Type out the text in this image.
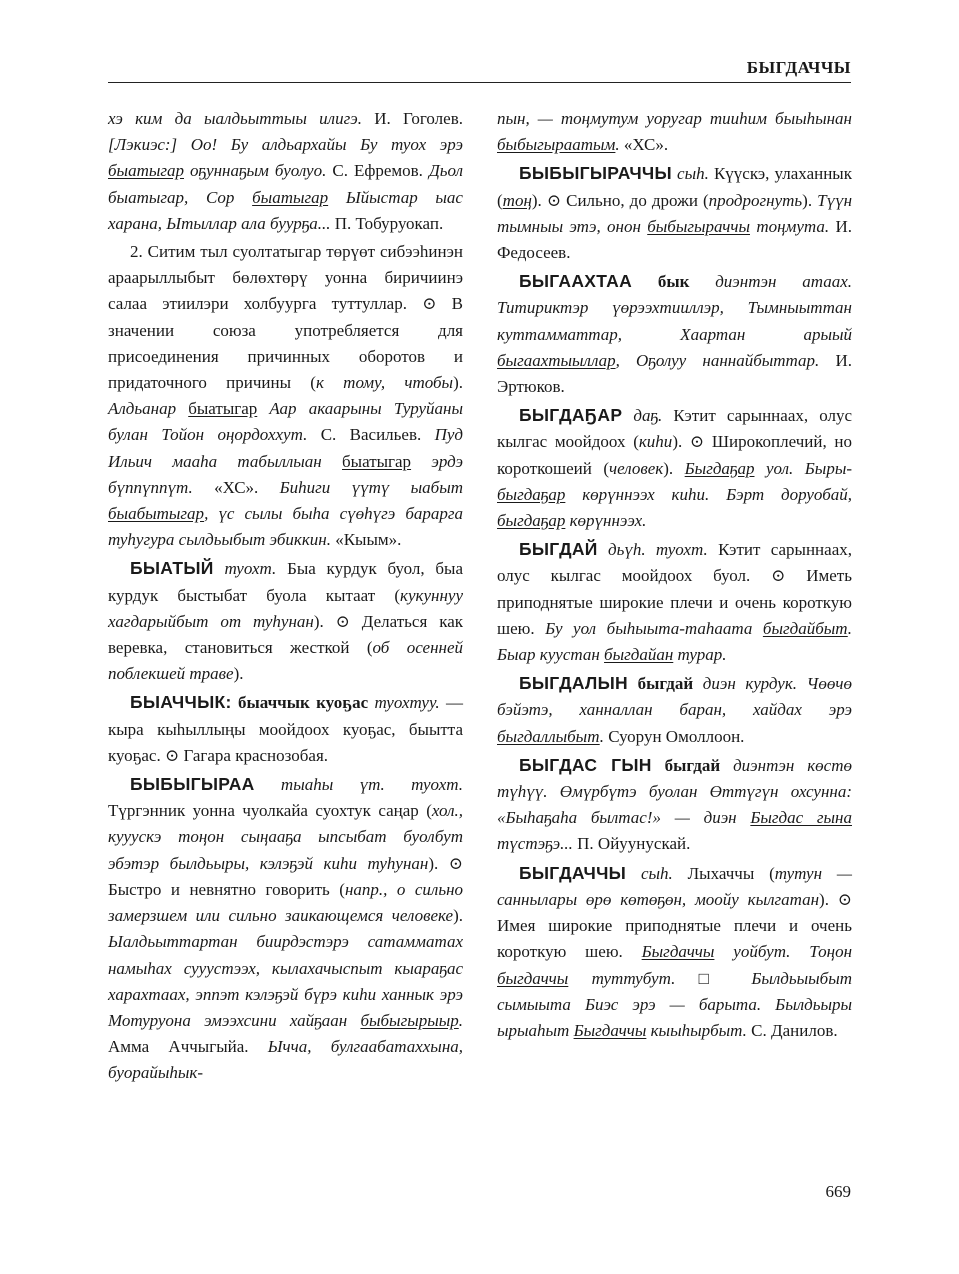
БЫГДАЧЧЫ

хэ ким да ыалдьыттыы илигэ. И. Гоголев. [Лэкиэс:] Оо! Бу алдьархайы Бу туох эрэ быатыгар оҕуннаҕым буолуо. С. Ефремов. Дьол быатыгар, Сор быатыгар Ыйыстар ыас харана, Ытыллар ала буурҕа... П. Тобуруокап.

2. Ситим тыл суолтатыгар төрүөт сибээһинэн араарыллыбыт бөлөхтөрү уонна биричиинэ салаа этиилэри холбуурга туттуллар. ⊙ В значении союза употребляется для присоединения причинных оборотов и придаточного причины (к тому, чтобы). Алдьанар быатыгар Аар акаарыны Туруйаны булан Тойон оңордоххут. С. Васильев. Пуд Ильич мааһа табыллыан быатыгар эрдэ бүппүппүт. «ХС». Биһиги үүтү ыабыт быабытыгар, үс сылы быһа сүөһүгэ бараргa туһугура сылдьыбыт эбиккин. «Кыым».

БЫАТЫЙ туохт. Быа курдук буол, быа курдук быстыбат буола кытаат (кукуннуу хагдарыйбыт от туһунан). ⊙ Делаться как веревка, становиться жесткой (об осенней поблекшей траве).

БЫАЧЧЫК: быаччык куоҕас туохтуу. — кыра кыһыллыңы моойдоох куоҕас, быытта куоҕас. ⊙ Гагара краснозобая.

БЫБЫГЫРАА тыаһы үт. туохт. Түргэнник уонна чуолкайа суохтук саңар (хол., кууускэ тоңон сыңааҕа ыпсыбат буолбут эбэтэр былдьыры, кэлэҕэй киһи туһунан). ⊙ Быстро и невнятно говорить (напр., о сильно замерзшем или сильно заикающемся человеке). Ыалдьыттартан биирдэстэрэ сатамматах намыһах сууустээх, кылахачыспыт кыараҕас харахтаах, эппэт кэлэҕэй бүрэ киһи ханнык эрэ Мотуруона эмээхсини хайҕаан быбыгырыыр. Амма Аччыгыйа. Ычча, булгаабатаххына, буорайыһык-

пын, — тоңмутум уоругар тииһим быыһынан быбыгыраатым. «ХС».

БЫБЫГЫРАЧЧЫ сыһ. Күүскэ, улаханнык (тоң). ⊙ Сильно, до дрожи (продрогнуть). Түүн тымныы этэ, онон быбыгыраччы тоңмута. И. Федосеев.

БЫГААХТАА бык диэнтэн атаах. Титириктэр үөрээхтииллэр, Тымныыттан куттамматтар, Хаартан арыый быгаахтыыллар, Оҕолуу наннайбыттар. И. Эртюков.

БЫГДАҔАР даҕ. Кэтит сарыннаах, олус кылгас моойдоох (киһи). ⊙ Широкоплечий, но короткошеий (человек). Быгдаҕар уол. Быры-быгдаҕар көрүннээх киһи. Бэрт доруобай, быгдаҕар көрүннээх.

БЫГДАЙ дьүһ. туохт. Кэтит сарыннаах, олус кылгас моойдоох буол. ⊙ Иметь приподнятые широкие плечи и очень короткую шею. Бу уол быһыыта-таһаата быгдайбыт. Быар куустан быгдайан турар.

БЫГДАЛЫН быгдай диэн курдук. Чөөчө бэйэтэ, ханналлан баран, хайдах эрэ быгдаллыбыт. Суорун Омоллоон.

БЫГДАС ГЫН быгдай диэнтэн көстө түһүү. Өмүрбүтэ буолан Өттүгүн охсунна: «Быһаҕаһа былтас!» — диэн Быгдас гына түстэҕэ... П. Ойуунускай.

БЫГДАЧЧЫ сыһ. Лыхаччы (тутун — саннылары өрө көтөҕөн, моойу кылгатан). ⊙ Имея широкие приподнятые плечи и очень короткую шею. Быгдаччы уойбут. Тоңон быгдаччы туттубут. □ Былдьыыбыт сымыыта Биэс эрэ — барыта. Былдьыры ырыаһыт Быгдаччы кыыһырбыт. С. Данилов.

669
